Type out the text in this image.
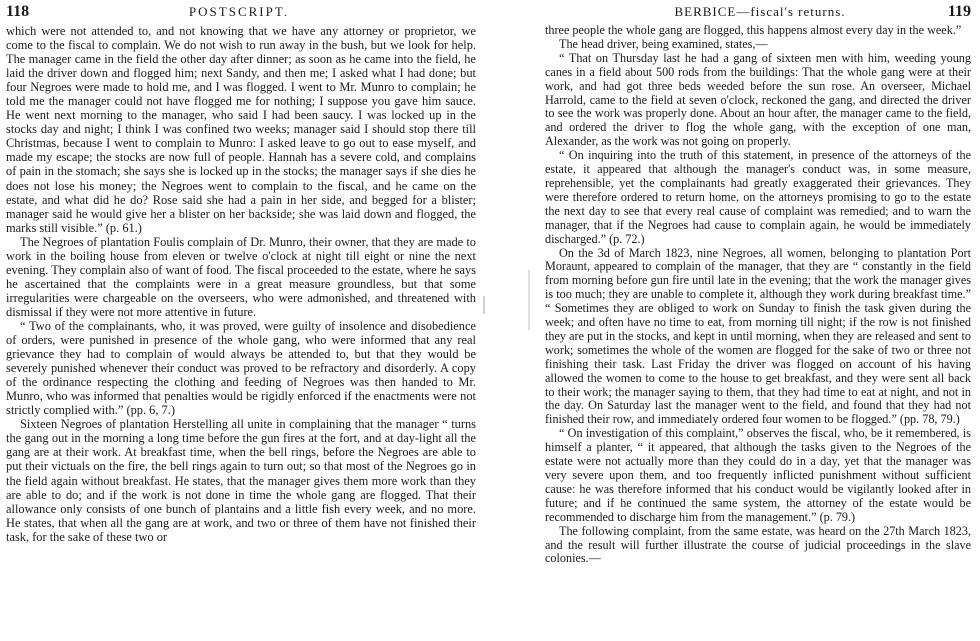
118	POSTSCRIPT.

which were not attended to, and not knowing that we have any attorney or proprietor, we come to the fiscal to complain. We do not wish to run away in the bush, but we look for help. The manager came in the field the other day after dinner; as soon as he came into the field, he laid the driver down and flogged him; next Sandy, and then me; I asked what I had done; but four Negroes were made to hold me, and I was flogged. I went to Mr. Munro to complain; he told me the manager could not have flogged me for nothing; I suppose you gave him sauce. He went next morning to the manager, who said I had been saucy. I was locked up in the stocks day and night; I think I was confined two weeks; manager said I should stop there till Christmas, because I went to complain to Munro: I asked leave to go out to ease myself, and made my escape; the stocks are now full of people. Hannah has a severe cold, and complains of pain in the stomach; she says she is locked up in the stocks; the manager says if she dies he does not lose his money; the Negroes went to complain to the fiscal, and he came on the estate, and what did he do? Rose said she had a pain in her side, and begged for a blister; manager said he would give her a blister on her backside; she was laid down and flogged, the marks still visible.” (p. 61.)

The Negroes of plantation Foulis complain of Dr. Munro, their owner, that they are made to work in the boiling house from eleven or twelve o'clock at night till eight or nine the next evening. They complain also of want of food. The fiscal proceeded to the estate, where he says he ascertained that the complaints were in a great measure groundless, but that some irregularities were chargeable on the overseers, who were admonished, and threatened with dismissal if they were not more attentive in future.

“ Two of the complainants, who, it was proved, were guilty of insolence and disobedience of orders, were punished in presence of the whole gang, who were informed that any real grievance they had to complain of would always be attended to, but that they would be severely punished whenever their conduct was proved to be refractory and disorderly. A copy of the ordinance respecting the clothing and feeding of Negroes was then handed to Mr. Munro, who was informed that penalties would be rigidly enforced if the enactments were not strictly complied with.” (pp. 6, 7.)

Sixteen Negroes of plantation Herstelling all unite in complaining that the manager “ turns the gang out in the morning a long time before the gun fires at the fort, and at day-light all the gang are at their work. At breakfast time, when the bell rings, before the Negroes are able to put their victuals on the fire, the bell rings again to turn out; so that most of the Negroes go in the field again without breakfast. He states, that the manager gives them more work than they are able to do; and if the work is not done in time the whole gang are flogged. That their allowance only consists of one bunch of plantains and a little fish every week, and no more. He states, that when all the gang are at work, and two or three of them have not finished their task, for the sake of these two or

BERBICE—fiscal's returns.	119

three people the whole gang are flogged, this happens almost every day in the week.”

The head driver, being examined, states,—

“ That on Thursday last he had a gang of sixteen men with him, weeding young canes in a field about 500 rods from the buildings: That the whole gang were at their work, and had got three beds weeded before the sun rose. An overseer, Michael Harrold, came to the field at seven o'clock, reckoned the gang, and directed the driver to see the work was properly done. About an hour after, the manager came to the field, and ordered the driver to flog the whole gang, with the exception of one man, Alexander, as the work was not going on properly.

“ On inquiring into the truth of this statement, in presence of the attorneys of the estate, it appeared that although the manager's conduct was, in some measure, reprehensible, yet the complainants had greatly exaggerated their grievances. They were therefore ordered to return home, on the attorneys promising to go to the estate the next day to see that every real cause of complaint was remedied; and to warn the manager, that if the Negroes had cause to complain again, he would be immediately discharged.” (p. 72.)

On the 3d of March 1823, nine Negroes, all women, belonging to plantation Port Moraunt, appeared to complain of the manager, that they are “ constantly in the field from morning before gun fire until late in the evening; that the work the manager gives is too much; they are unable to complete it, although they work during breakfast time.” “ Sometimes they are obliged to work on Sunday to finish the task given during the week; and often have no time to eat, from morning till night; if the row is not finished they are put in the stocks, and kept in until morning, when they are released and sent to work; sometimes the whole of the women are flogged for the sake of two or three not finishing their task. Last Friday the driver was flogged on account of his having allowed the women to come to the house to get breakfast, and they were sent all back to their work; the manager saying to them, that they had time to eat at night, and not in the day. On Saturday last the manager went to the field, and found that they had not finished their row, and immediately ordered four women to be flogged.” (pp. 78, 79.)

“ On investigation of this complaint,” observes the fiscal, who, be it remembered, is himself a planter, “ it appeared, that although the tasks given to the Negroes of the estate were not actually more than they could do in a day, yet that the manager was very severe upon them, and too frequently inflicted punishment without sufficient cause: he was therefore informed that his conduct would be vigilantly looked after in future; and if he continued the same system, the attorney of the estate would be recommended to discharge him from the management.” (p. 79.)

The following complaint, from the same estate, was heard on the 27th March 1823, and the result will further illustrate the course of judicial proceedings in the slave colonies.—
